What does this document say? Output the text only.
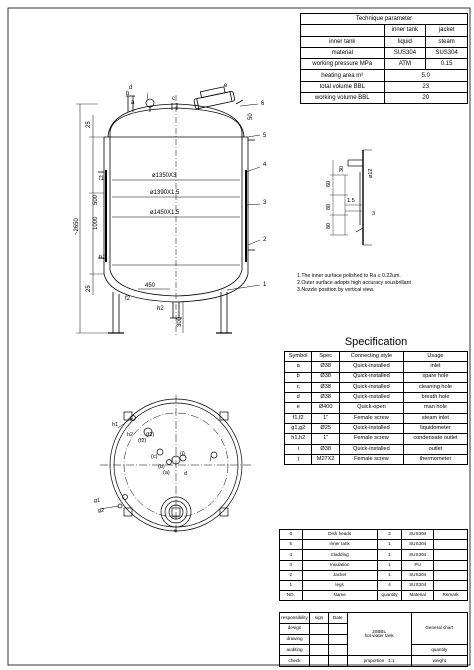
ø1350X3
ø1390X1.5
ø1450X1.5
~2650 1000
500
25
25
300
450
50
a
b
d
j	c
e
f1
f2
h1
h2
6
5
4
3
2
1
ø12
60
30
80
80
1.5
3
(f1)
(f2)
(c)	(i)
(a)
(b)
d
j
h1
h2
e
g1
g2
Technique parameter		
	inner tank	jacket
inner tank	liquid	steam
material	SUS304	SUS304
working pressure MPa	ATM	0.15
heating area m²	5.0	
total volume BBL	23	
working volume BBL	20	
1.The inner surface polished to Ra ≤ 0.22um.
2.Outer surface adopts high accuracy sousbrillant
3.Nozzle position by vertical view.
Specification
Symbol	Spec	Connecting style	Usage
a	Ø38	Quick-installed	inlet
b	Ø38	Quick-installed	spare hole
c	Ø38	Quick-installed	cleaning hole
d	Ø38	Quick-installed	breath hole
e	Ø400	Quick-open	man hole
f1,f2	1"	Female screw	steam inlet
g1,g2	Ø25	Quick-installed	liquidometer
h1,h2	1"	Female screw	condensate outlet
i	Ø38	Quick-installed	outlet
j	M27X2	Female screw	thermometer
6	Dish heads	2	SUS304	
5	inner tank	1	SUS304	
4	Cladding	1	SUS304	
3	Insulation	1	PU	
2	Jacket	1	SUS304	
1	legs	4	SUS304	
NO.	Name	quantity	Material	Remark
responsibility	sign	Date	20BBL
hot-water tank	General chart
design				
drawing				
auditing				quantity
check			proportion 1:1	weight
